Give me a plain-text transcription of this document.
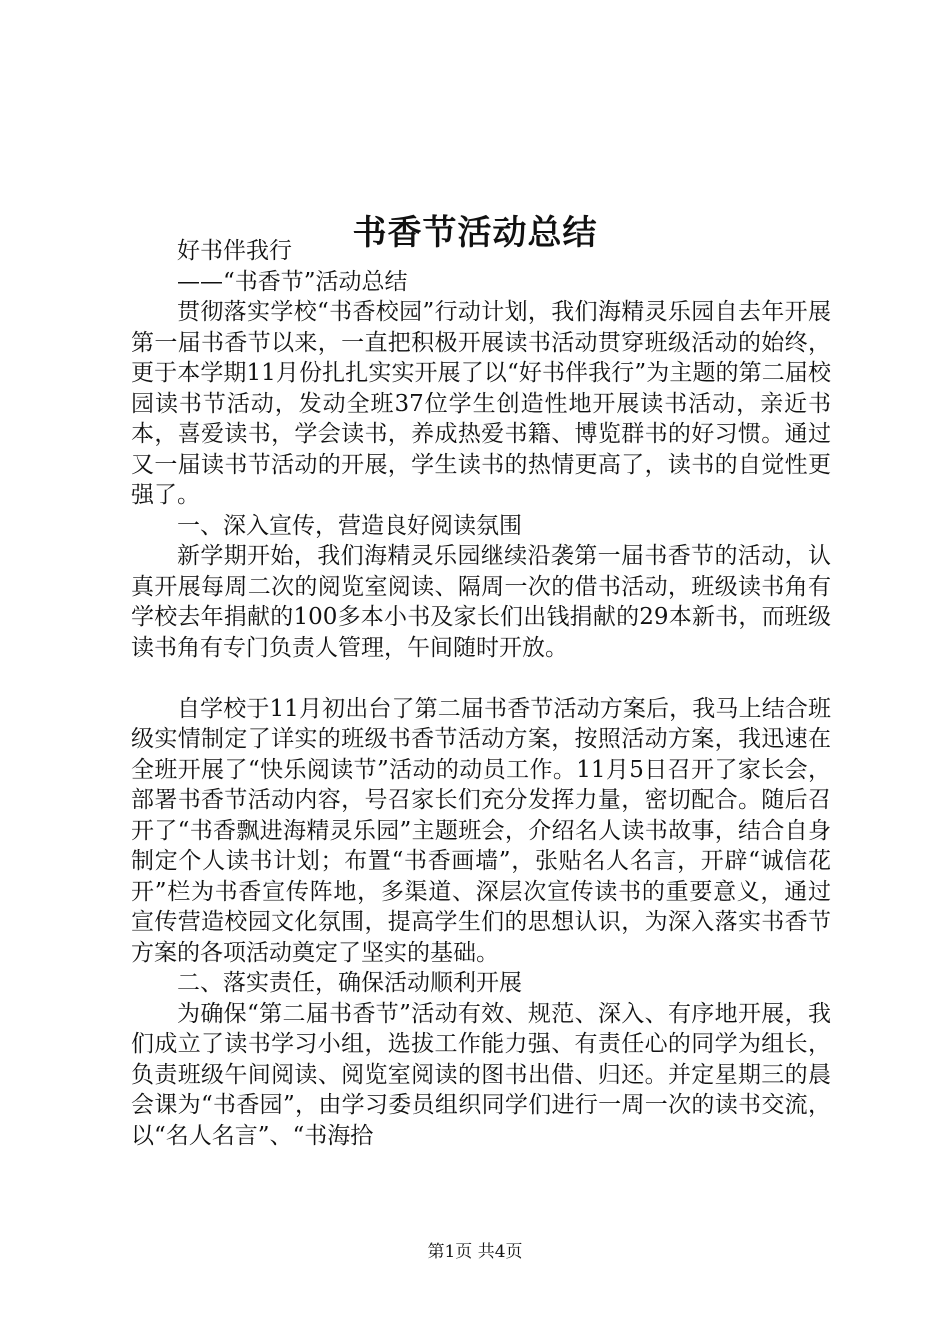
书香节活动总结

好书伴我行

——“书香节”活动总结

贯彻落实学校“书香校园”行动计划，我们海精灵乐园自去年开展第一届书香节以来，一直把积极开展读书活动贯穿班级活动的始终，更于本学期11月份扎扎实实开展了以“好书伴我行”为主题的第二届校园读书节活动，发动全班37位学生创造性地开展读书活动，亲近书本，喜爱读书，学会读书，养成热爱书籍、博览群书的好习惯。通过又一届读书节活动的开展，学生读书的热情更高了，读书的自觉性更强了。

一、深入宣传，营造良好阅读氛围

新学期开始，我们海精灵乐园继续沿袭第一届书香节的活动，认真开展每周二次的阅览室阅读、隔周一次的借书活动，班级读书角有学校去年捐献的100多本小书及家长们出钱捐献的29本新书，而班级读书角有专门负责人管理，午间随时开放。

自学校于11月初出台了第二届书香节活动方案后，我马上结合班级实情制定了详实的班级书香节活动方案，按照活动方案，我迅速在全班开展了“快乐阅读节”活动的动员工作。11月5日召开了家长会，部署书香节活动内容，号召家长们充分发挥力量，密切配合。随后召开了“书香飘进海精灵乐园”主题班会，介绍名人读书故事，结合自身制定个人读书计划；布置“书香画墙”，张贴名人名言，开辟“诚信花开”栏为书香宣传阵地，多渠道、深层次宣传读书的重要意义，通过宣传营造校园文化氛围，提高学生们的思想认识，为深入落实书香节方案的各项活动奠定了坚实的基础。

二、落实责任，确保活动顺利开展

为确保“第二届书香节”活动有效、规范、深入、有序地开展，我们成立了读书学习小组，选拔工作能力强、有责任心的同学为组长，负责班级午间阅读、阅览室阅读的图书出借、归还。并定星期三的晨会课为“书香园”，由学习委员组织同学们进行一周一次的读书交流，以“名人名言”、“书海拾

第1页 共4页
